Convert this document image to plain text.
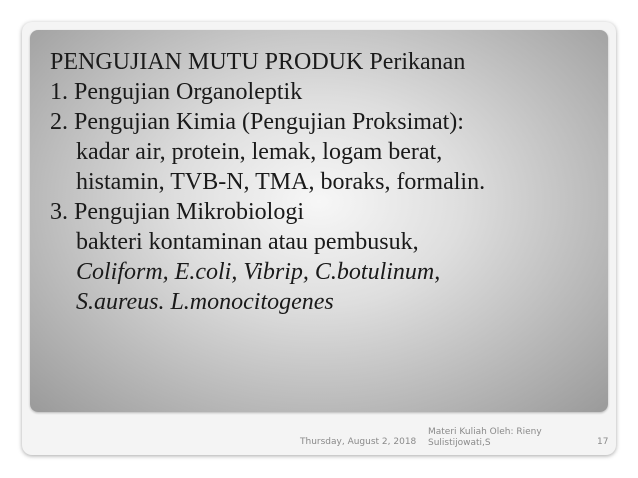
PENGUJIAN MUTU PRODUK Perikanan
1. Pengujian Organoleptik
2. Pengujian Kimia (Pengujian Proksimat):
kadar air, protein, lemak, logam berat,
histamin, TVB-N, TMA, boraks, formalin.
3. Pengujian Mikrobiologi
bakteri kontaminan atau pembusuk,
Coliform, E.coli, Vibrip, C.botulinum,
S.aureus. L.monocitogenes
Thursday, August 2, 2018
Materi Kuliah Oleh: Rieny Sulistijowati,S	17
